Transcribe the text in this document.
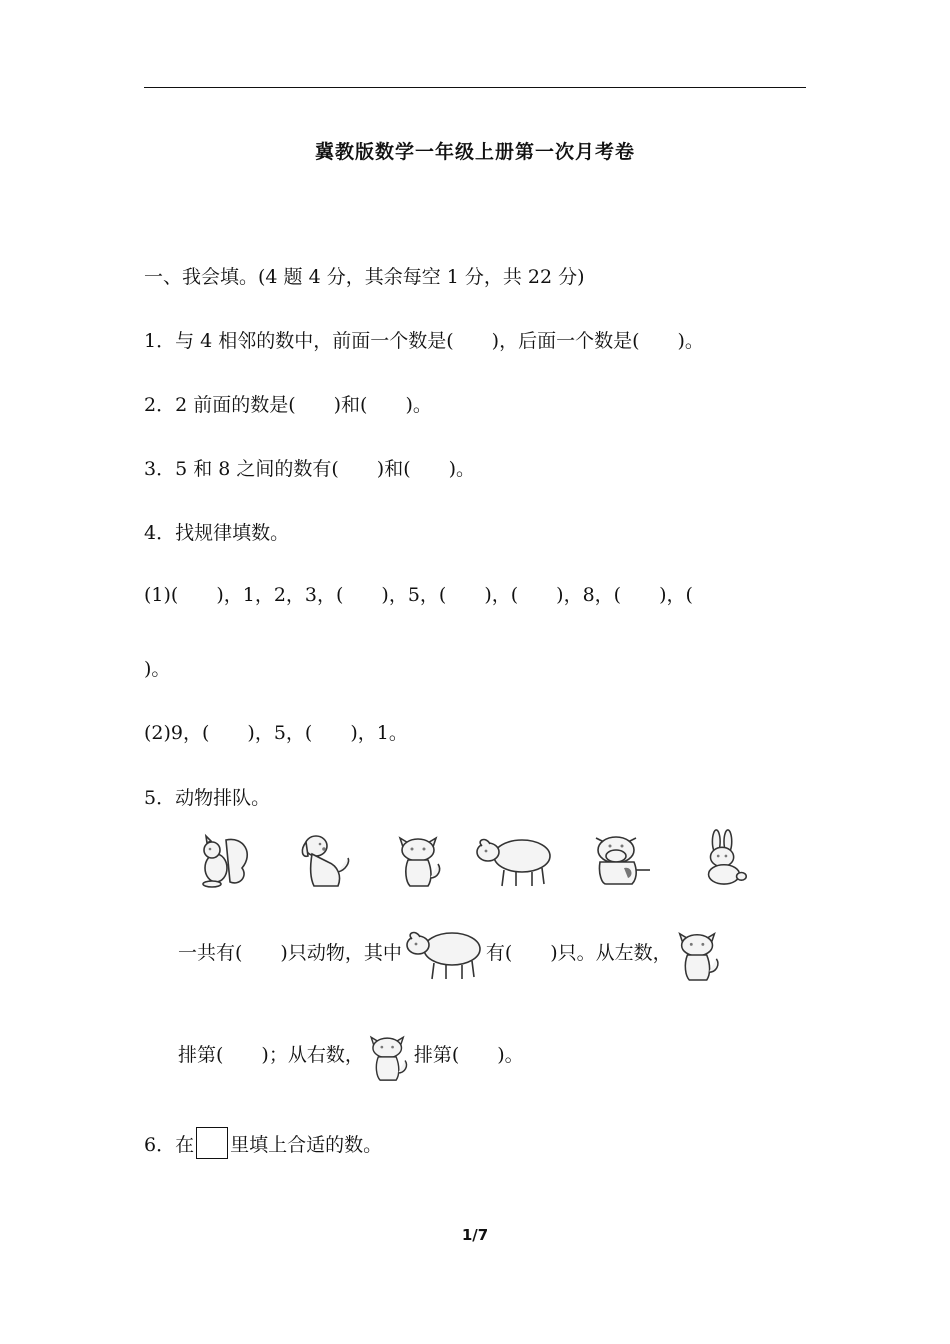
冀教版数学一年级上册第一次月考卷
一、我会填。(4 题 4 分，其余每空 1 分，共 22 分)
1．与 4 相邻的数中，前面一个数是(　　)，后面一个数是(　　)。
2．2 前面的数是(　　)和(　　)。
3．5 和 8 之间的数有(　　)和(　　)。
4．找规律填数。
(1)(　　)，1，2，3，(　　)，5，(　　)，(　　)，8，(　　)，(
)。
(2)9，(　　)，5，(　　)，1。
5．动物排队。
一共有(　　)只动物，其中	有(　　)只。从左数，
排第(　　)；从右数，	排第(　　)。
6．在 里填上合适的数。
1/7
